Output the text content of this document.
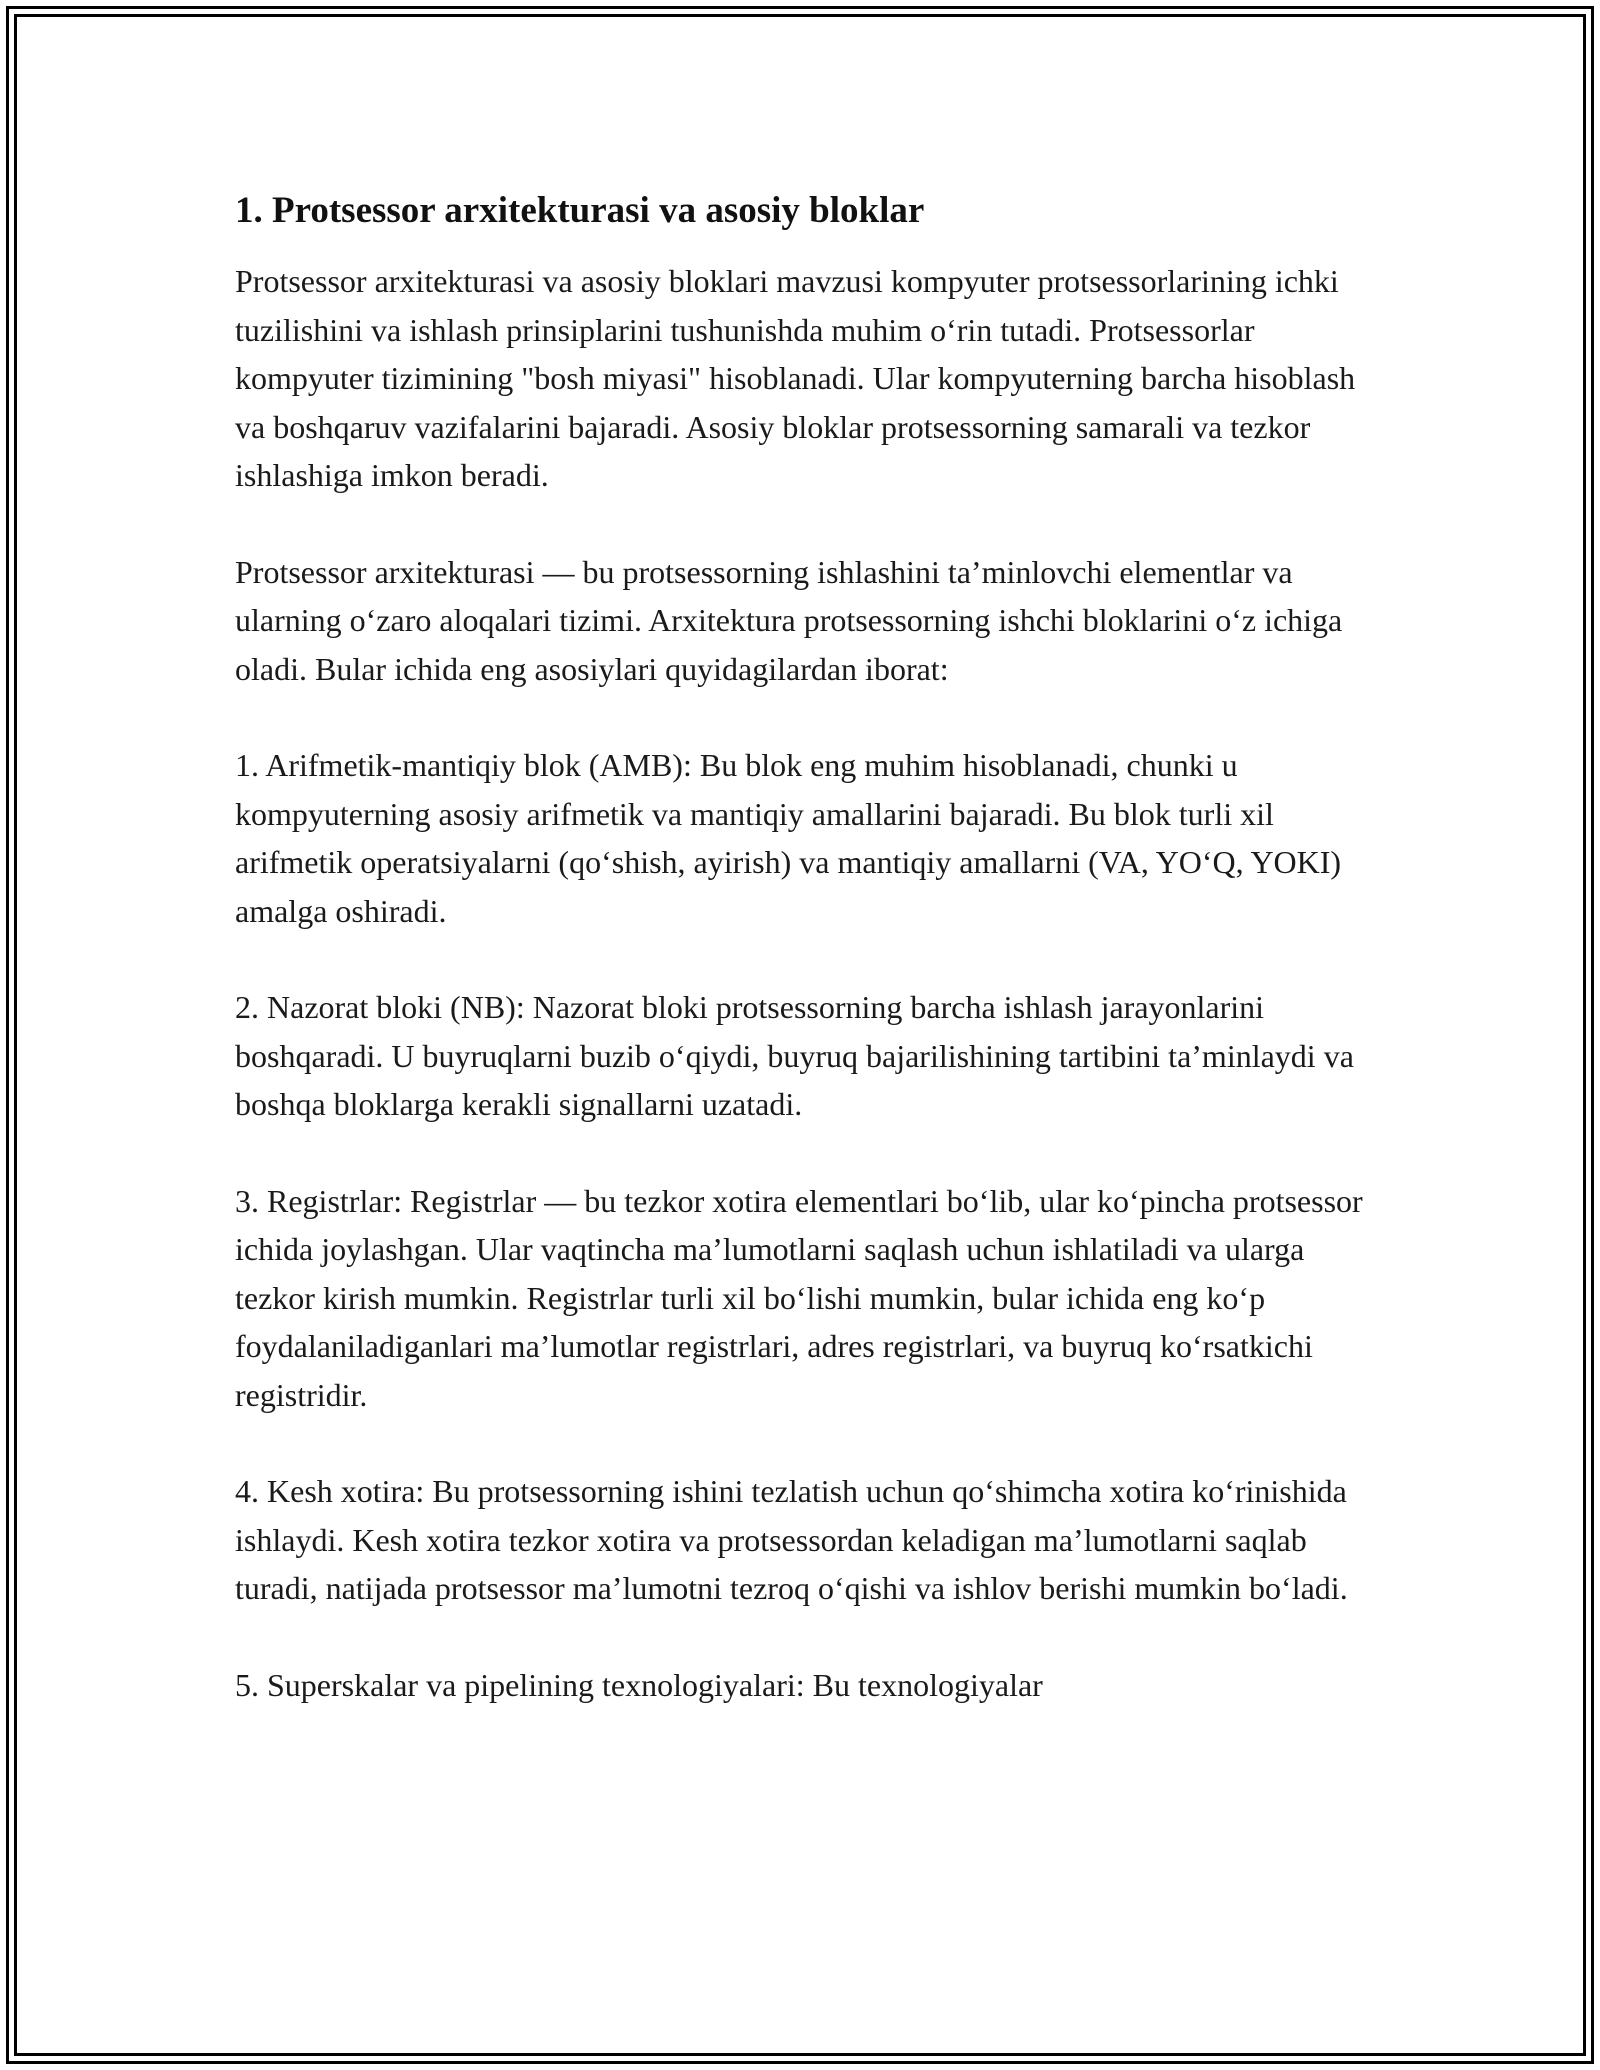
1. Protsessor arxitekturasi va asosiy bloklar

Protsessor arxitekturasi va asosiy bloklari mavzusi kompyuter protsessorlarining ichki tuzilishini va ishlash prinsiplarini tushunishda muhim o‘rin tutadi. Protsessorlar kompyuter tizimining "bosh miyasi" hisoblanadi. Ular kompyuterning barcha hisoblash va boshqaruv vazifalarini bajaradi. Asosiy bloklar protsessorning samarali va tezkor ishlashiga imkon beradi.

Protsessor arxitekturasi — bu protsessorning ishlashini ta’minlovchi elementlar va ularning o‘zaro aloqalari tizimi. Arxitektura protsessorning ishchi bloklarini o‘z ichiga oladi. Bular ichida eng asosiylari quyidagilardan iborat:

1. Arifmetik-mantiqiy blok (AMB): Bu blok eng muhim hisoblanadi, chunki u kompyuterning asosiy arifmetik va mantiqiy amallarini bajaradi. Bu blok turli xil arifmetik operatsiyalarni (qo‘shish, ayirish) va mantiqiy amallarni (VA, YO‘Q, YOKI) amalga oshiradi.

2. Nazorat bloki (NB): Nazorat bloki protsessorning barcha ishlash jarayonlarini boshqaradi. U buyruqlarni buzib o‘qiydi, buyruq bajarilishining tartibini ta’minlaydi va boshqa bloklarga kerakli signallarni uzatadi.

3. Registrlar: Registrlar — bu tezkor xotira elementlari bo‘lib, ular ko‘pincha protsessor ichida joylashgan. Ular vaqtincha ma’lumotlarni saqlash uchun ishlatiladi va ularga tezkor kirish mumkin. Registrlar turli xil bo‘lishi mumkin, bular ichida eng ko‘p foydalaniladiganlari ma’lumotlar registrlari, adres registrlari, va buyruq ko‘rsatkichi registridir.

4. Kesh xotira: Bu protsessorning ishini tezlatish uchun qo‘shimcha xotira ko‘rinishida ishlaydi. Kesh xotira tezkor xotira va protsessordan keladigan ma’lumotlarni saqlab turadi, natijada protsessor ma’lumotni tezroq o‘qishi va ishlov berishi mumkin bo‘ladi.

5. Superskalar va pipelining texnologiyalari: Bu texnologiyalar
